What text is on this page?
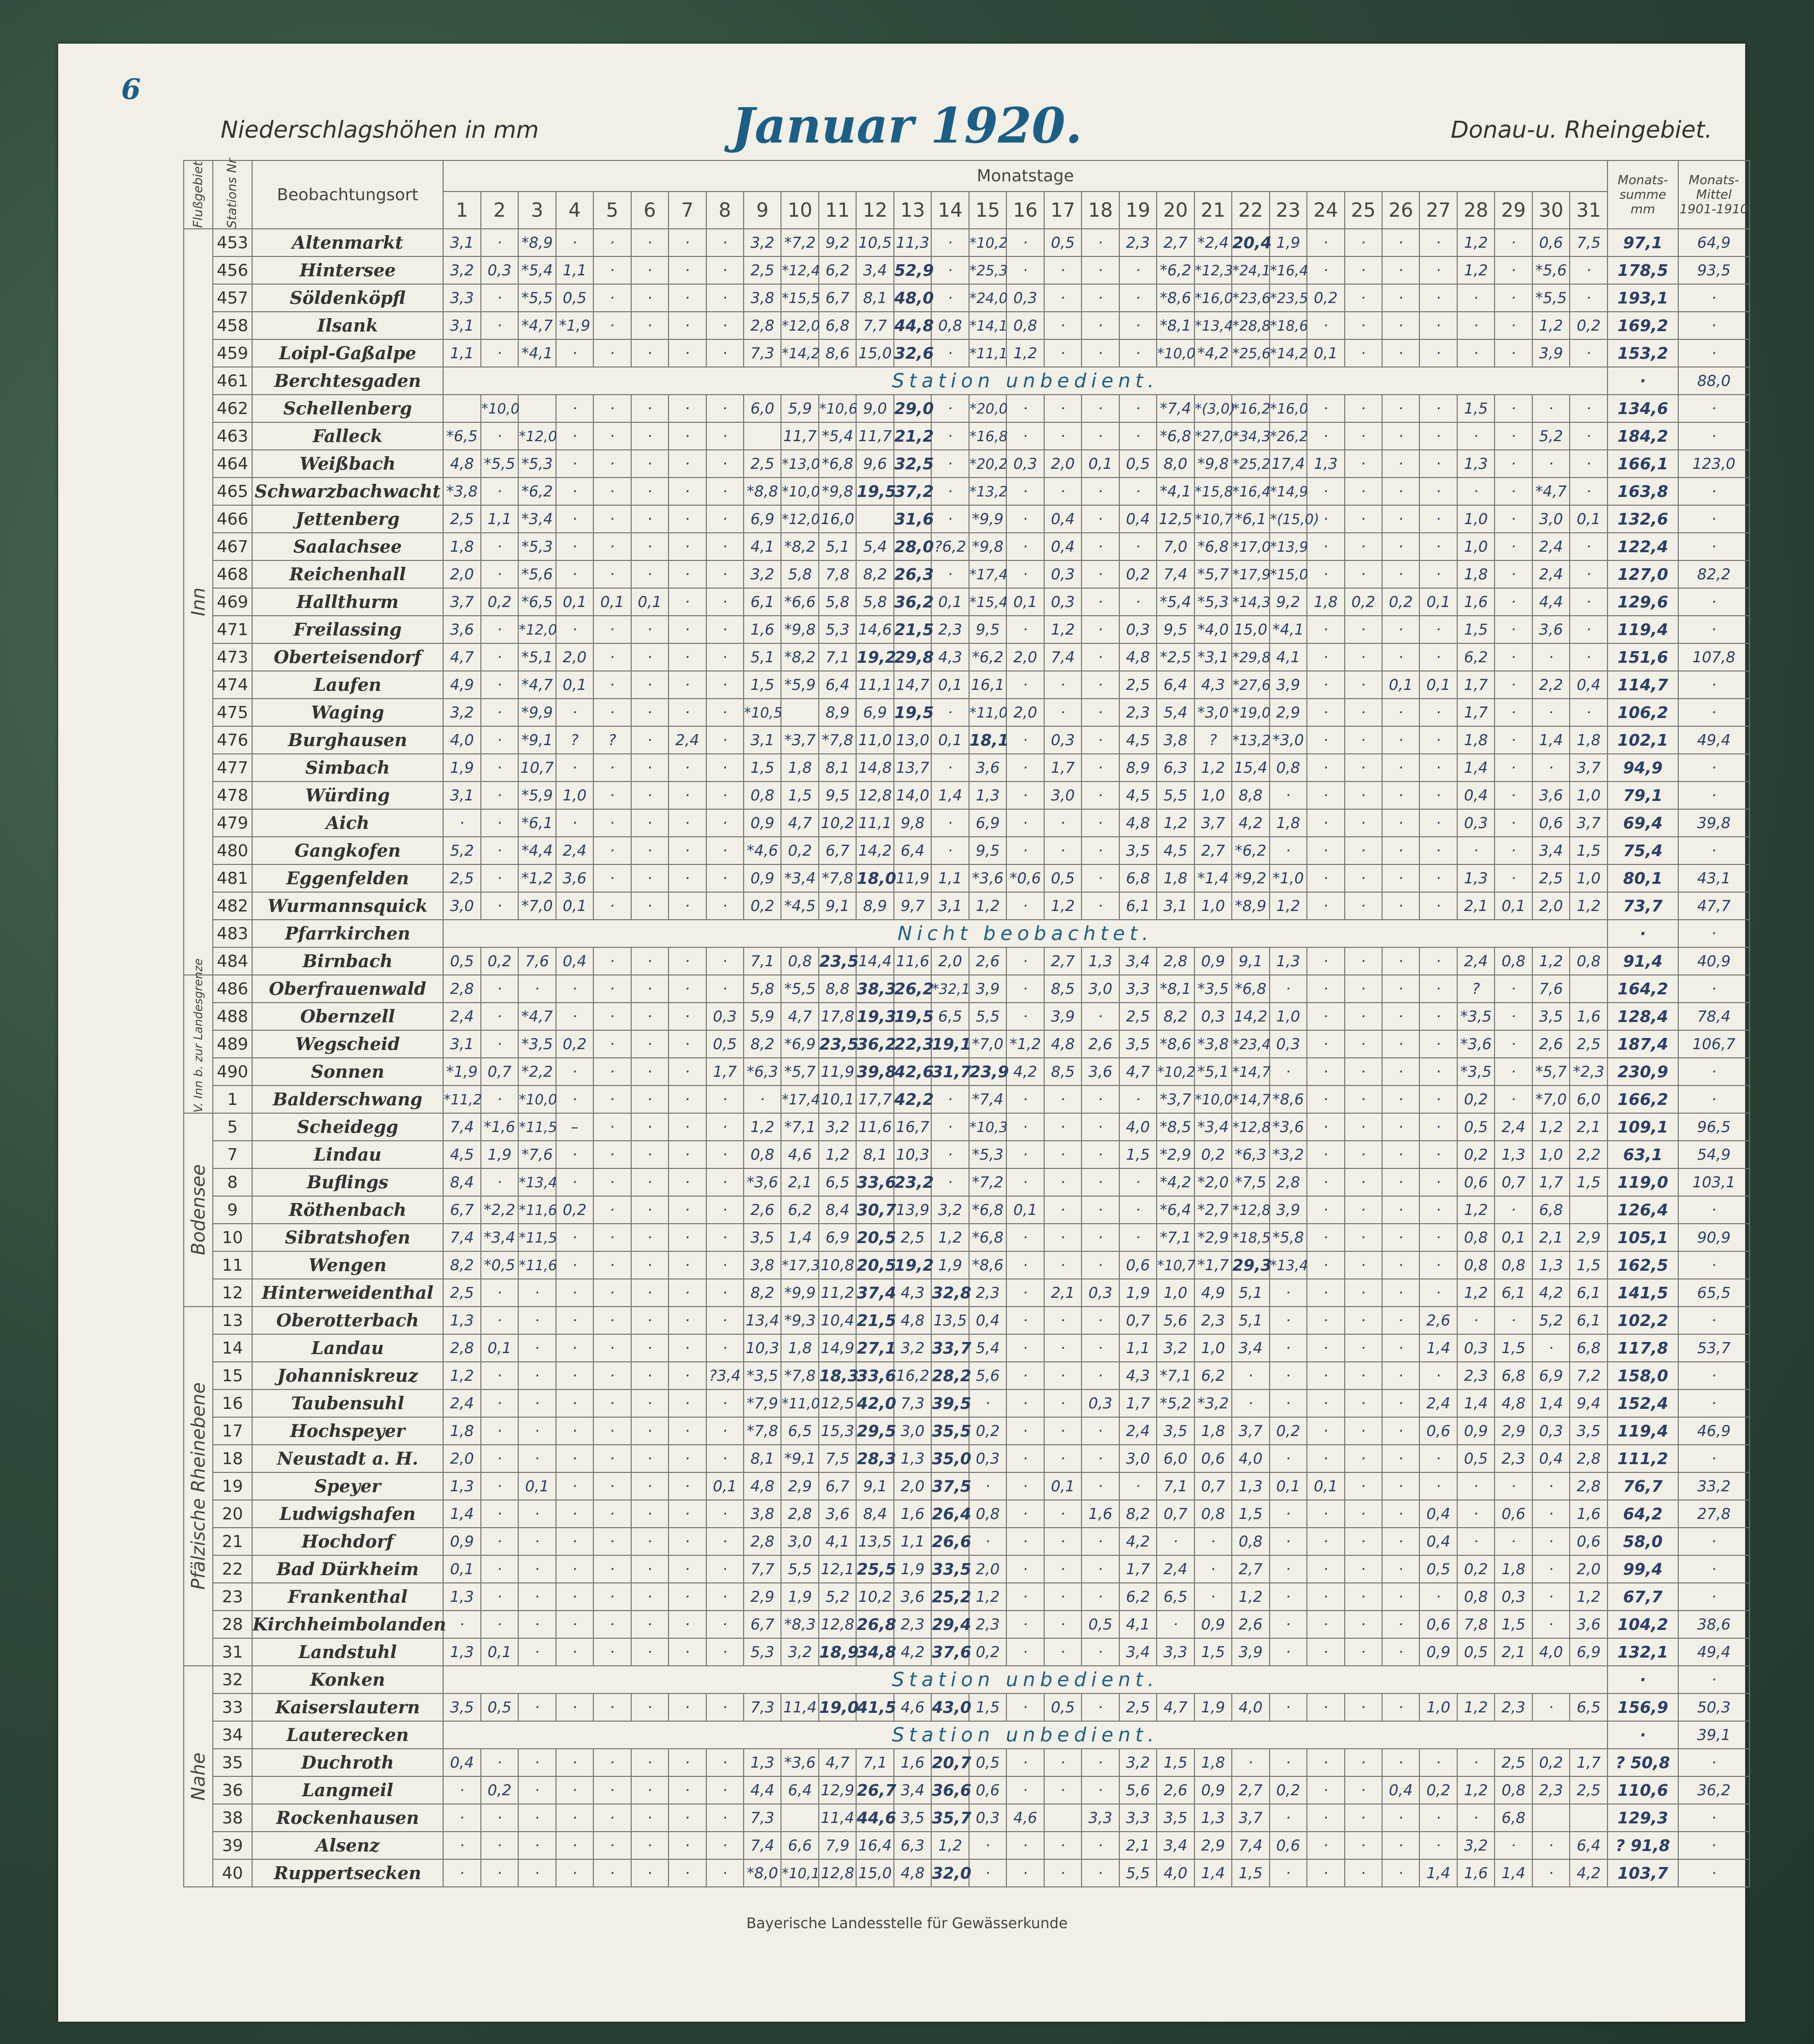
6
Januar 1920.
Niederschlagshöhen in mm	Donau-u. Rheingebiet.
Flußgebiet	Stations Nr	Beobachtungsort	Monatstage																															Monats-summe mm	Monats-Mittel 1901-1910
			1	2	3	4	5	6	7	8	9	10	11	12	13	14	15	16	17	18	19	20	21	22	23	24	25	26	27	28	29	30	31		
Inn	453	Altenmarkt	3,1	·	*8,9	·	·	·	·	·	3,2	*7,2	9,2	10,5	11,3	·	*10,2	·	0,5	·	2,3	2,7	*2,4	20,4	1,9	·	·	·	·	1,2	·	0,6	7,5	97,1	64,9
	456	Hintersee	3,2	0,3	*5,4	1,1	·	·	·	·	2,5	*12,4	6,2	3,4	52,9	·	*25,3	·	·	·	·	*6,2	*12,3	*24,1	*16,4	·	·	·	·	1,2	·	*5,6	·	178,5	93,5
	457	Söldenköpfl	3,3	·	*5,5	0,5	·	·	·	·	3,8	*15,5	6,7	8,1	48,0	·	*24,0	0,3	·	·	·	*8,6	*16,0	*23,6	*23,5	0,2	·	·	·	·	·	*5,5	·	193,1	·
	458	Ilsank	3,1	·	*4,7	*1,9	·	·	·	·	2,8	*12,0	6,8	7,7	44,8	0,8	*14,1	0,8	·	·	·	*8,1	*13,4	*28,8	*18,6	·	·	·	·	·	·	1,2	0,2	169,2	·
	459	Loipl-Gaßalpe	1,1	·	*4,1	·	·	·	·	·	7,3	*14,2	8,6	15,0	32,6	·	*11,1	1,2	·	·	·	*10,0	*4,2	*25,6	*14,2	0,1	·	·	·	·	·	3,9	·	153,2	·
	461	Berchtesgaden	Station unbedient.																															·	88,0
	462	Schellenberg		*10,0		·	·	·	·	·	6,0	5,9	*10,6	9,0	29,0	·	*20,0	·	·	·	·	*7,4	*(3,0)	*16,2	*16,0	·	·	·	·	1,5	·	·	·	134,6	·
	463	Falleck	*6,5	·	*12,0	·	·	·	·	·		11,7	*5,4	11,7	21,2	·	*16,8	·	·	·	·	*6,8	*27,0	*34,3	*26,2	·	·	·	·	·	·	5,2	·	184,2	·
	464	Weißbach	4,8	*5,5	*5,3	·	·	·	·	·	2,5	*13,0	*6,8	9,6	32,5	·	*20,2	0,3	2,0	0,1	0,5	8,0	*9,8	*25,2	17,4	1,3	·	·	·	1,3	·	·	·	166,1	123,0
	465	Schwarzbachwacht	*3,8	·	*6,2	·	·	·	·	·	*8,8	*10,0	*9,8	19,5	37,2	·	*13,2	·	·	·	·	*4,1	*15,8	*16,4	*14,9	·	·	·	·	·	·	*4,7	·	163,8	·
	466	Jettenberg	2,5	1,1	*3,4	·	·	·	·	·	6,9	*12,0	16,0		31,6	·	*9,9	·	0,4	·	0,4	12,5	*10,7	*6,1	*(15,0)	·	·	·	·	1,0	·	3,0	0,1	132,6	·
	467	Saalachsee	1,8	·	*5,3	·	·	·	·	·	4,1	*8,2	5,1	5,4	28,0	?6,2	*9,8	·	0,4	·	·	7,0	*6,8	*17,0	*13,9	·	·	·	·	1,0	·	2,4	·	122,4	·
	468	Reichenhall	2,0	·	*5,6	·	·	·	·	·	3,2	5,8	7,8	8,2	26,3	·	*17,4	·	0,3	·	0,2	7,4	*5,7	*17,9	*15,0	·	·	·	·	1,8	·	2,4	·	127,0	82,2
	469	Hallthurm	3,7	0,2	*6,5	0,1	0,1	0,1	·	·	6,1	*6,6	5,8	5,8	36,2	0,1	*15,4	0,1	0,3	·	·	*5,4	*5,3	*14,3	9,2	1,8	0,2	0,2	0,1	1,6	·	4,4	·	129,6	·
	471	Freilassing	3,6	·	*12,0	·	·	·	·	·	1,6	*9,8	5,3	14,6	21,5	2,3	9,5	·	1,2	·	0,3	9,5	*4,0	15,0	*4,1	·	·	·	·	1,5	·	3,6	·	119,4	·
	473	Oberteisendorf	4,7	·	*5,1	2,0	·	·	·	·	5,1	*8,2	7,1	19,2	29,8	4,3	*6,2	2,0	7,4	·	4,8	*2,5	*3,1	*29,8	4,1	·	·	·	·	6,2	·	·	·	151,6	107,8
	474	Laufen	4,9	·	*4,7	0,1	·	·	·	·	1,5	*5,9	6,4	11,1	14,7	0,1	16,1	·	·	·	2,5	6,4	4,3	*27,6	3,9	·	·	0,1	0,1	1,7	·	2,2	0,4	114,7	·
	475	Waging	3,2	·	*9,9	·	·	·	·	·	*10,5		8,9	6,9	19,5	·	*11,0	2,0	·	·	2,3	5,4	*3,0	*19,0	2,9	·	·	·	·	1,7	·	·	·	106,2	·
	476	Burghausen	4,0	·	*9,1	?	?	·	2,4	·	3,1	*3,7	*7,8	11,0	13,0	0,1	18,1	·	0,3	·	4,5	3,8	?	*13,2	*3,0	·	·	·	·	1,8	·	1,4	1,8	102,1	49,4
	477	Simbach	1,9	·	10,7	·	·	·	·	·	1,5	1,8	8,1	14,8	13,7	·	3,6	·	1,7	·	8,9	6,3	1,2	15,4	0,8	·	·	·	·	1,4	·	·	3,7	94,9	·
	478	Würding	3,1	·	*5,9	1,0	·	·	·	·	0,8	1,5	9,5	12,8	14,0	1,4	1,3	·	3,0	·	4,5	5,5	1,0	8,8	·	·	·	·	·	0,4	·	3,6	1,0	79,1	·
	479	Aich	·	·	*6,1	·	·	·	·	·	0,9	4,7	10,2	11,1	9,8	·	6,9	·	·	·	4,8	1,2	3,7	4,2	1,8	·	·	·	·	0,3	·	0,6	3,7	69,4	39,8
	480	Gangkofen	5,2	·	*4,4	2,4	·	·	·	·	*4,6	0,2	6,7	14,2	6,4	·	9,5	·	·	·	3,5	4,5	2,7	*6,2	·	·	·	·	·	·	·	3,4	1,5	75,4	·
	481	Eggenfelden	2,5	·	*1,2	3,6	·	·	·	·	0,9	*3,4	*7,8	18,0	11,9	1,1	*3,6	*0,6	0,5	·	6,8	1,8	*1,4	*9,2	*1,0	·	·	·	·	1,3	·	2,5	1,0	80,1	43,1
	482	Wurmannsquick	3,0	·	*7,0	0,1	·	·	·	·	0,2	*4,5	9,1	8,9	9,7	3,1	1,2	·	1,2	·	6,1	3,1	1,0	*8,9	1,2	·	·	·	·	2,1	0,1	2,0	1,2	73,7	47,7
	483	Pfarrkirchen	Nicht beobachtet.																															·	·
	484	Birnbach	0,5	0,2	7,6	0,4	·	·	·	·	7,1	0,8	23,5	14,4	11,6	2,0	2,6	·	2,7	1,3	3,4	2,8	0,9	9,1	1,3	·	·	·	·	2,4	0,8	1,2	0,8	91,4	40,9
V. Inn b. zur Landesgrenze	486	Oberfrauenwald	2,8	·	·	·	·	·	·	·	5,8	*5,5	8,8	38,3	26,2	*32,1	3,9	·	8,5	3,0	3,3	*8,1	*3,5	*6,8	·	·	·	·	·	?	·	7,6		164,2	·
	488	Obernzell	2,4	·	*4,7	·	·	·	·	0,3	5,9	4,7	17,8	19,3	19,5	6,5	5,5	·	3,9	·	2,5	8,2	0,3	14,2	1,0	·	·	·	·	*3,5	·	3,5	1,6	128,4	78,4
	489	Wegscheid	3,1	·	*3,5	0,2	·	·	·	0,5	8,2	*6,9	23,5	36,2	22,3	19,1	*7,0	*1,2	4,8	2,6	3,5	*8,6	*3,8	*23,4	0,3	·	·	·	·	*3,6	·	2,6	2,5	187,4	106,7
	490	Sonnen	*1,9	0,7	*2,2	·	·	·	·	1,7	*6,3	*5,7	11,9	39,8	42,6	31,7	23,9	4,2	8,5	3,6	4,7	*10,2	*5,1	*14,7	·	·	·	·	·	*3,5	·	*5,7	*2,3	230,9	·
	1	Balderschwang	*11,2	·	*10,0	·	·	·	·	·	·	*17,4	10,1	17,7	42,2	·	*7,4	·	·	·	·	*3,7	*10,0	*14,7	*8,6	·	·	·	·	0,2	·	*7,0	6,0	166,2	·
Bodensee	5	Scheidegg	7,4	*1,6	*11,5	–	·	·	·	·	1,2	*7,1	3,2	11,6	16,7	·	*10,3	·	·	·	4,0	*8,5	*3,4	*12,8	*3,6	·	·	·	·	0,5	2,4	1,2	2,1	109,1	96,5
	7	Lindau	4,5	1,9	*7,6	·	·	·	·	·	0,8	4,6	1,2	8,1	10,3	·	*5,3	·	·	·	1,5	*2,9	0,2	*6,3	*3,2	·	·	·	·	0,2	1,3	1,0	2,2	63,1	54,9
	8	Buflings	8,4	·	*13,4	·	·	·	·	·	*3,6	2,1	6,5	33,6	23,2	·	*7,2	·	·	·	·	*4,2	*2,0	*7,5	2,8	·	·	·	·	0,6	0,7	1,7	1,5	119,0	103,1
	9	Röthenbach	6,7	*2,2	*11,6	0,2	·	·	·	·	2,6	6,2	8,4	30,7	13,9	3,2	*6,8	0,1	·	·	·	*6,4	*2,7	*12,8	3,9	·	·	·	·	1,2	·	6,8		126,4	·
	10	Sibratshofen	7,4	*3,4	*11,5	·	·	·	·	·	3,5	1,4	6,9	20,5	2,5	1,2	*6,8	·	·	·	·	*7,1	*2,9	*18,5	*5,8	·	·	·	·	0,8	0,1	2,1	2,9	105,1	90,9
	11	Wengen	8,2	*0,5	*11,6	·	·	·	·	·	3,8	*17,3	10,8	20,5	19,2	1,9	*8,6	·	·	·	0,6	*10,7	*1,7	29,3	*13,4	·	·	·	·	0,8	0,8	1,3	1,5	162,5	·
	12	Hinterweidenthal	2,5	·	·	·	·	·	·	·	8,2	*9,9	11,2	37,4	4,3	32,8	2,3	·	2,1	0,3	1,9	1,0	4,9	5,1	·	·	·	·	·	1,2	6,1	4,2	6,1	141,5	65,5
Pfälzische Rheinebene	13	Oberotterbach	1,3	·	·	·	·	·	·	·	13,4	*9,3	10,4	21,5	4,8	13,5	0,4	·	·	·	0,7	5,6	2,3	5,1	·	·	·	·	2,6	·	·	5,2	6,1	102,2	·
	14	Landau	2,8	0,1	·	·	·	·	·	·	10,3	1,8	14,9	27,1	3,2	33,7	5,4	·	·	·	1,1	3,2	1,0	3,4	·	·	·	·	1,4	0,3	1,5	·	6,8	117,8	53,7
	15	Johanniskreuz	1,2	·	·	·	·	·	·	?3,4	*3,5	*7,8	18,3	33,6	16,2	28,2	5,6	·	·	·	4,3	*7,1	6,2	·	·	·	·	·	·	2,3	6,8	6,9	7,2	158,0	·
	16	Taubensuhl	2,4	·	·	·	·	·	·	·	*7,9	*11,0	12,5	42,0	7,3	39,5	·	·	·	0,3	1,7	*5,2	*3,2	·	·	·	·	·	2,4	1,4	4,8	1,4	9,4	152,4	·
	17	Hochspeyer	1,8	·	·	·	·	·	·	·	*7,8	6,5	15,3	29,5	3,0	35,5	0,2	·	·	·	2,4	3,5	1,8	3,7	0,2	·	·	·	0,6	0,9	2,9	0,3	3,5	119,4	46,9
	18	Neustadt a. H.	2,0	·	·	·	·	·	·	·	8,1	*9,1	7,5	28,3	1,3	35,0	0,3	·	·	·	3,0	6,0	0,6	4,0	·	·	·	·	·	0,5	2,3	0,4	2,8	111,2	·
	19	Speyer	1,3	·	0,1	·	·	·	·	0,1	4,8	2,9	6,7	9,1	2,0	37,5	·	·	0,1	·	·	7,1	0,7	1,3	0,1	0,1	·	·	·	·	·	·	2,8	76,7	33,2
	20	Ludwigshafen	1,4	·	·	·	·	·	·	·	3,8	2,8	3,6	8,4	1,6	26,4	0,8	·	·	1,6	8,2	0,7	0,8	1,5	·	·	·	·	0,4	·	0,6	·	1,6	64,2	27,8
	21	Hochdorf	0,9	·	·	·	·	·	·	·	2,8	3,0	4,1	13,5	1,1	26,6	·	·	·	·	4,2	·	·	0,8	·	·	·	·	0,4	·	·	·	0,6	58,0	·
	22	Bad Dürkheim	0,1	·	·	·	·	·	·	·	7,7	5,5	12,1	25,5	1,9	33,5	2,0	·	·	·	1,7	2,4	·	2,7	·	·	·	·	0,5	0,2	1,8	·	2,0	99,4	·
	23	Frankenthal	1,3	·	·	·	·	·	·	·	2,9	1,9	5,2	10,2	3,6	25,2	1,2	·	·	·	6,2	6,5	·	1,2	·	·	·	·	·	0,8	0,3	·	1,2	67,7	·
	28	Kirchheimbolanden	·	·	·	·	·	·	·	·	6,7	*8,3	12,8	26,8	2,3	29,4	2,3	·	·	0,5	4,1	·	0,9	2,6	·	·	·	·	0,6	7,8	1,5	·	3,6	104,2	38,6
	31	Landstuhl	1,3	0,1	·	·	·	·	·	·	5,3	3,2	18,9	34,8	4,2	37,6	0,2	·	·	·	3,4	3,3	1,5	3,9	·	·	·	·	0,9	0,5	2,1	4,0	6,9	132,1	49,4
Nahe	32	Konken	Station unbedient.																															·	·
	33	Kaiserslautern	3,5	0,5	·	·	·	·	·	·	7,3	11,4	19,0	41,5	4,6	43,0	1,5	·	0,5	·	2,5	4,7	1,9	4,0	·	·	·	·	1,0	1,2	2,3	·	6,5	156,9	50,3
	34	Lauterecken	Station unbedient.																															·	39,1
	35	Duchroth	0,4	·	·	·	·	·	·	·	1,3	*3,6	4,7	7,1	1,6	20,7	0,5	·	·	·	3,2	1,5	1,8	·	·	·	·	·	·	·	2,5	0,2	1,7	? 50,8	·
	36	Langmeil	·	0,2	·	·	·	·	·	·	4,4	6,4	12,9	26,7	3,4	36,6	0,6	·	·	·	5,6	2,6	0,9	2,7	0,2	·	·	0,4	0,2	1,2	0,8	2,3	2,5	110,6	36,2
	38	Rockenhausen	·	·	·	·	·	·	·	·	7,3		11,4	44,6	3,5	35,7	0,3	4,6		3,3	3,3	3,5	1,3	3,7	·	·	·	·	·	·	6,8			129,3	·
	39	Alsenz	·	·	·	·	·	·	·	·	7,4	6,6	7,9	16,4	6,3	1,2	·	·	·	·	2,1	3,4	2,9	7,4	0,6	·	·	·	·	3,2	·	·	6,4	? 91,8	·
	40	Ruppertsecken	·	·	·	·	·	·	·	·	*8,0	*10,1	12,8	15,0	4,8	32,0	·	·	·	·	5,5	4,0	1,4	1,5	·	·	·	·	1,4	1,6	1,4	·	4,2	103,7	·
Bayerische Landesstelle für Gewässerkunde
